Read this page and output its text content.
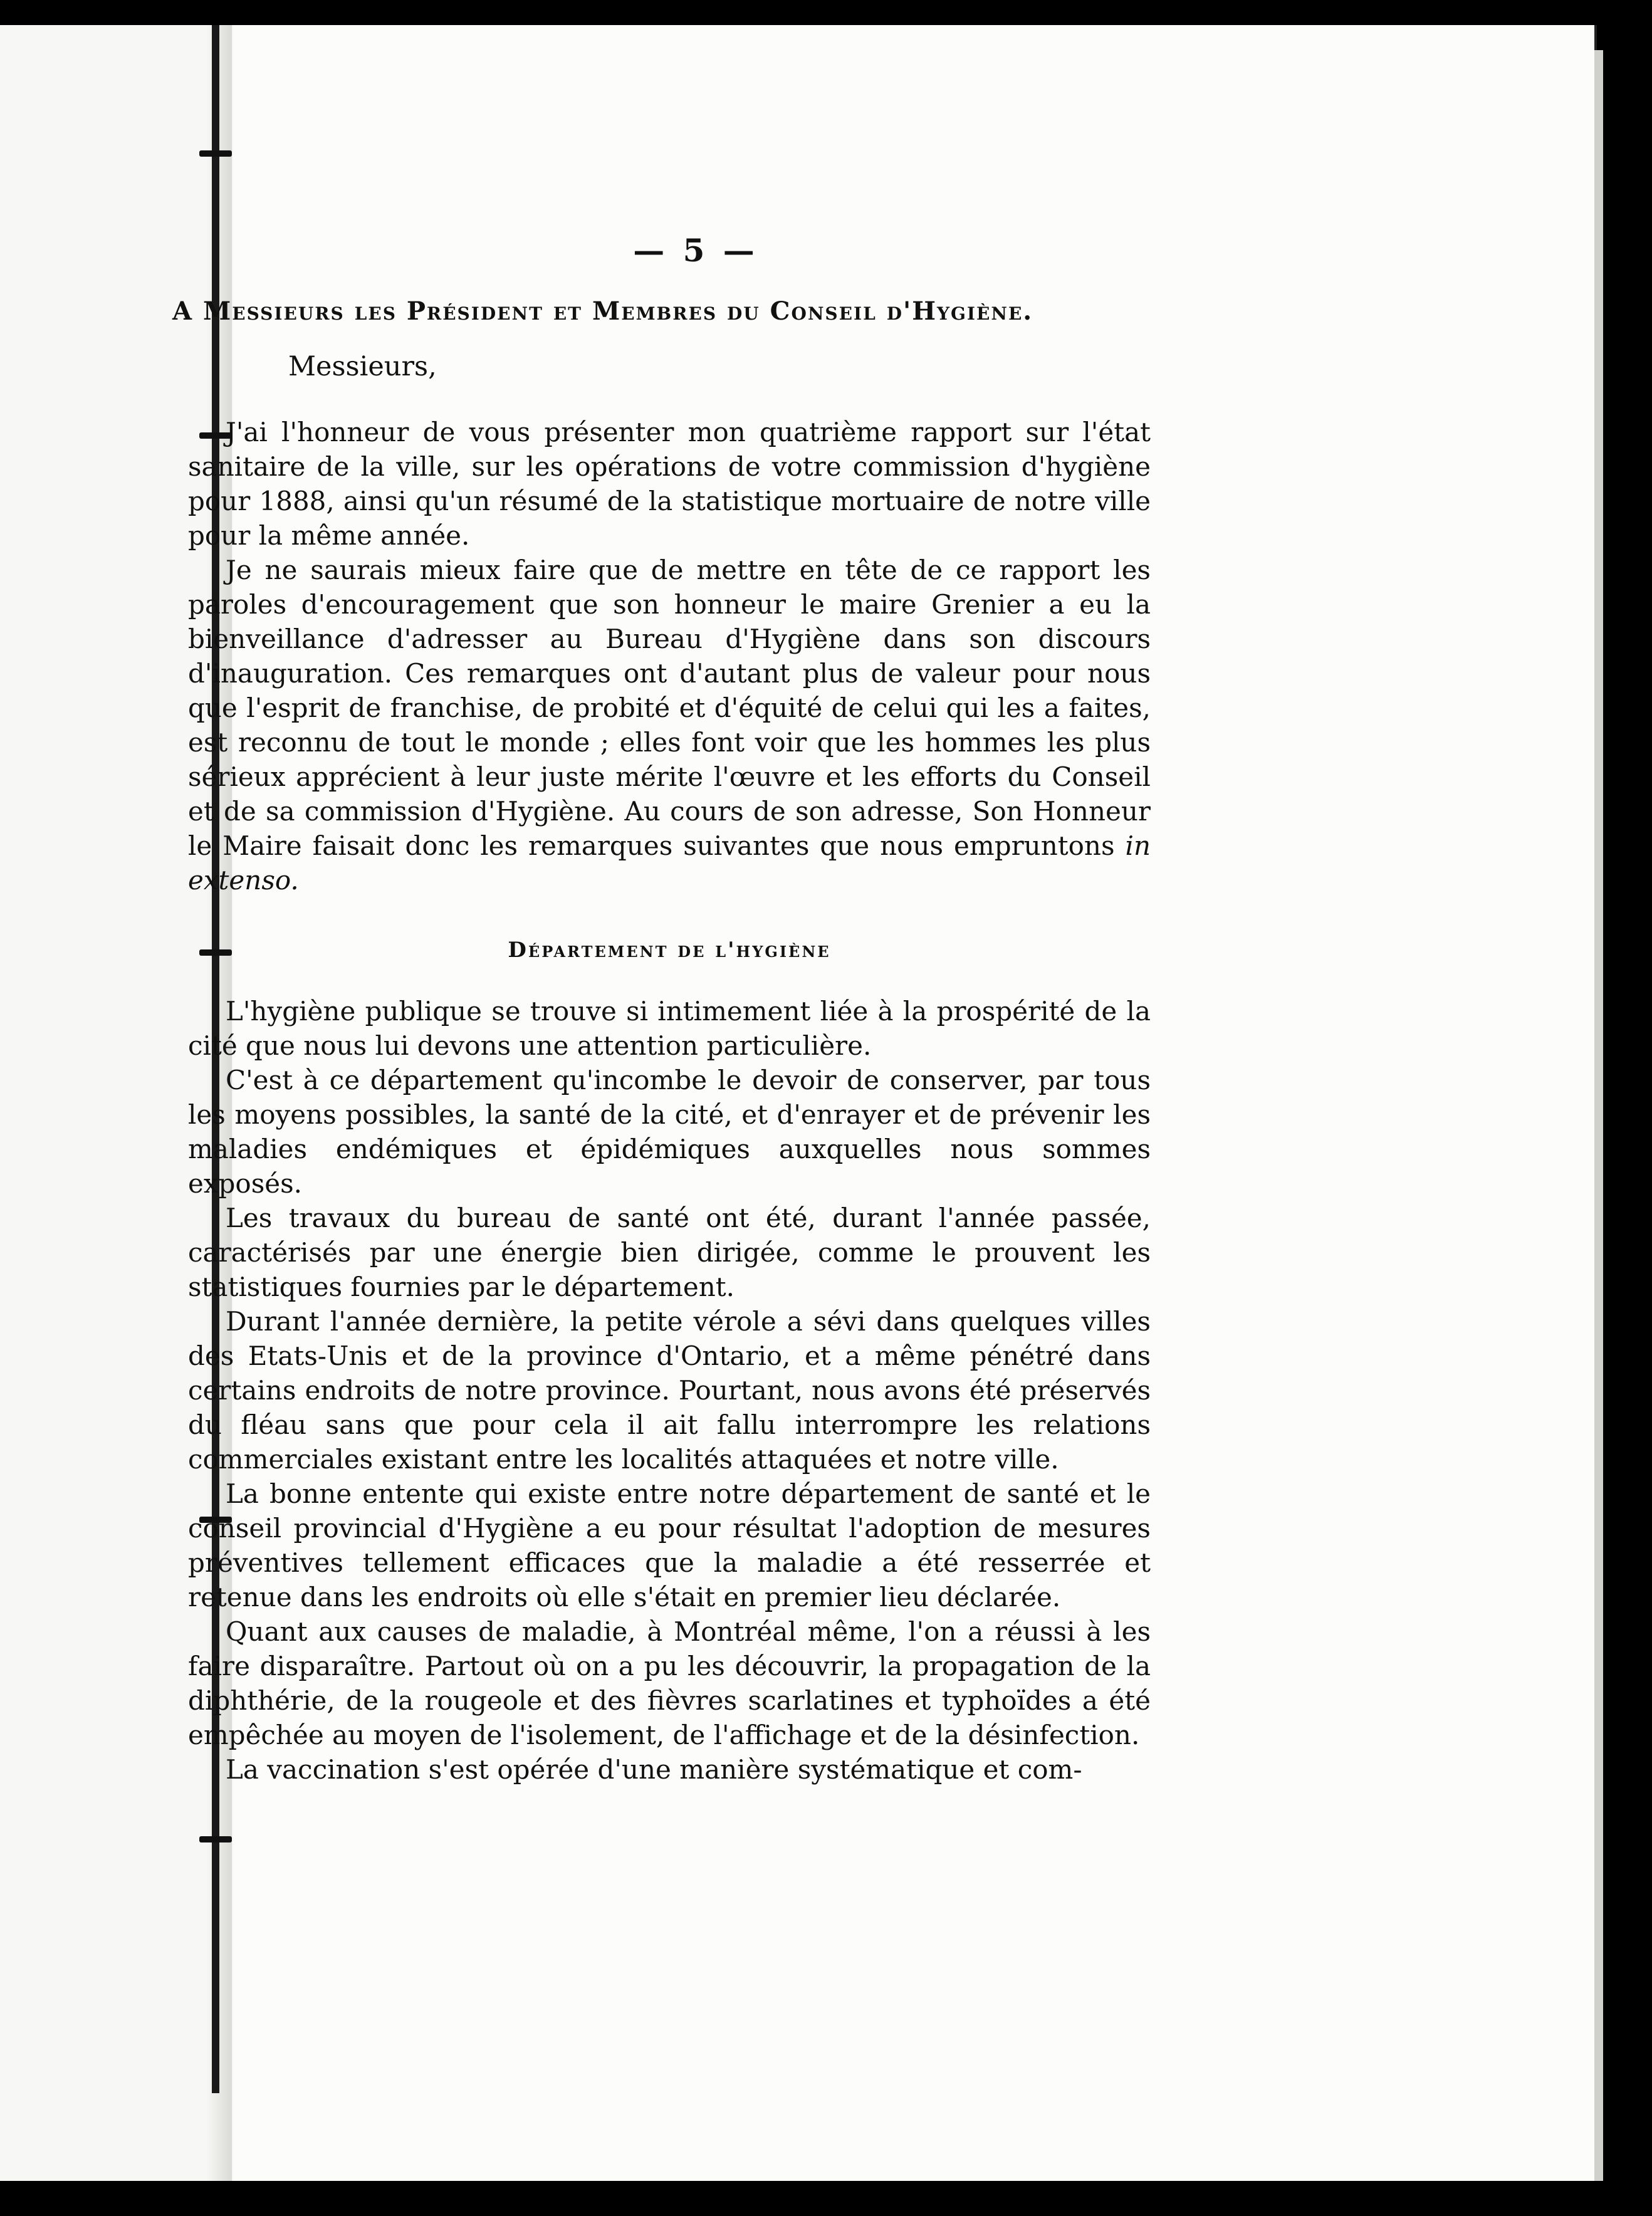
— 5 —
A Messieurs les Président et Membres du Conseil d'Hygiène.
Messieurs,

J'ai l'honneur de vous présenter mon quatrième rapport sur l'état sanitaire de la ville, sur les opérations de votre commission d'hygiène pour 1888, ainsi qu'un résumé de la statistique mortuaire de notre ville pour la même année.

Je ne saurais mieux faire que de mettre en tête de ce rapport les paroles d'encouragement que son honneur le maire Grenier a eu la bienveillance d'adresser au Bureau d'Hygiène dans son discours d'inauguration. Ces remarques ont d'autant plus de valeur pour nous que l'esprit de franchise, de probité et d'équité de celui qui les a faites, est reconnu de tout le monde ; elles font voir que les hommes les plus sérieux apprécient à leur juste mérite l'œuvre et les efforts du Conseil et de sa commission d'Hygiène. Au cours de son adresse, Son Honneur le Maire faisait donc les remarques suivantes que nous empruntons in extenso.

Département de l'hygiène

L'hygiène publique se trouve si intimement liée à la prospérité de la cité que nous lui devons une attention particulière.

C'est à ce département qu'incombe le devoir de conserver, par tous les moyens possibles, la santé de la cité, et d'enrayer et de prévenir les maladies endémiques et épidémiques auxquelles nous sommes exposés.

Les travaux du bureau de santé ont été, durant l'année passée, caractérisés par une énergie bien dirigée, comme le prouvent les statistiques fournies par le département.

Durant l'année dernière, la petite vérole a sévi dans quelques villes des Etats-Unis et de la province d'Ontario, et a même pénétré dans certains endroits de notre province. Pourtant, nous avons été préservés du fléau sans que pour cela il ait fallu interrompre les relations commerciales existant entre les localités attaquées et notre ville.

La bonne entente qui existe entre notre département de santé et le conseil provincial d'Hygiène a eu pour résultat l'adoption de mesures préventives tellement efficaces que la maladie a été resserrée et retenue dans les endroits où elle s'était en premier lieu déclarée.

Quant aux causes de maladie, à Montréal même, l'on a réussi à les faire disparaître. Partout où on a pu les découvrir, la propagation de la diphthérie, de la rougeole et des fièvres scarlatines et typhoïdes a été empêchée au moyen de l'isolement, de l'affichage et de la désinfection.

La vaccination s'est opérée d'une manière systématique et com-
